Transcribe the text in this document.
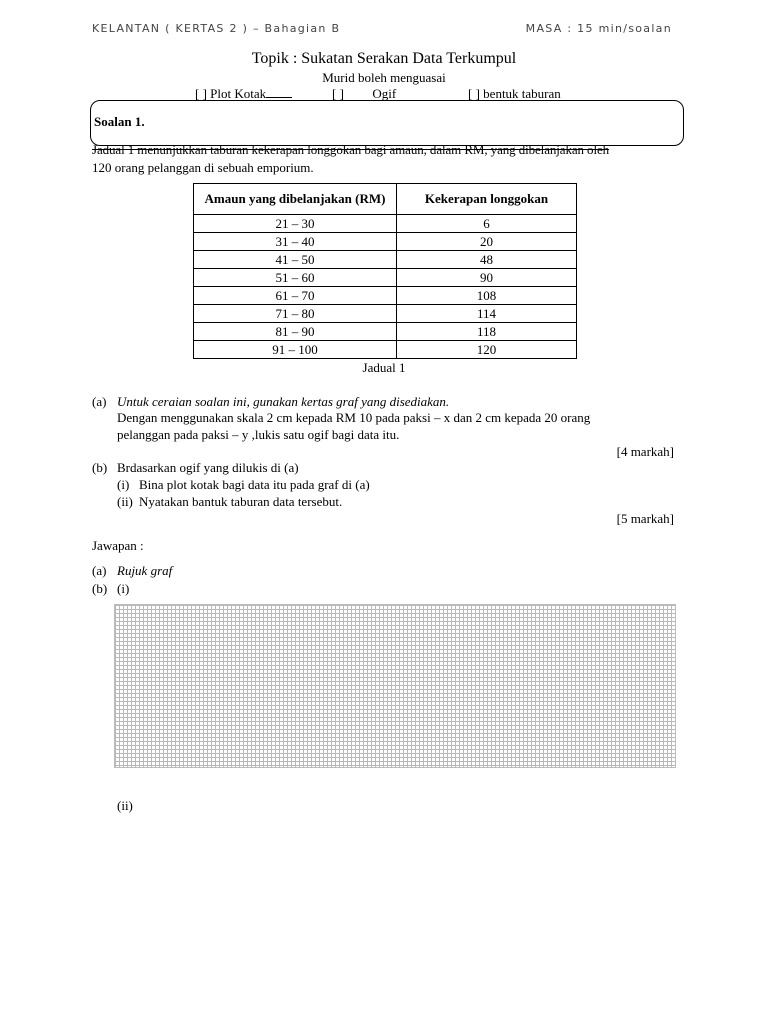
KELANTAN ( KERTAS 2 ) – Bahagian B	MASA : 15 min/soalan
Topik : Sukatan Serakan Data Terkumpul
Murid boleh menguasai
[ ] Plot Kotak	[ ] Ogif	[ ] bentuk taburan
Soalan 1.
Jadual 1 menunjukkan taburan kekerapan longgokan bagi amaun, dalam RM, yang dibelanjakan oleh
120 orang pelanggan di sebuah emporium.
Amaun yang dibelanjakan (RM)	Kekerapan longgokan
21 – 30	6
31 – 40	20
41 – 50	48
51 – 60	90
61 – 70	108
71 – 80	114
81 – 90	118
91 – 100	120
Jadual 1
(a) Untuk ceraian soalan ini, gunakan kertas graf yang disediakan.
Dengan menggunakan skala 2 cm kepada RM 10 pada paksi – x dan 2 cm kepada 20 orang
pelanggan pada paksi – y ,lukis satu ogif bagi data itu.
[4 markah]
(b) Brdasarkan ogif yang dilukis di (a)
(i) Bina plot kotak bagi data itu pada graf di (a)
(ii) Nyatakan bantuk taburan data tersebut.
[5 markah]
Jawapan :
(a) Rujuk graf
(b) (i)
(ii)
